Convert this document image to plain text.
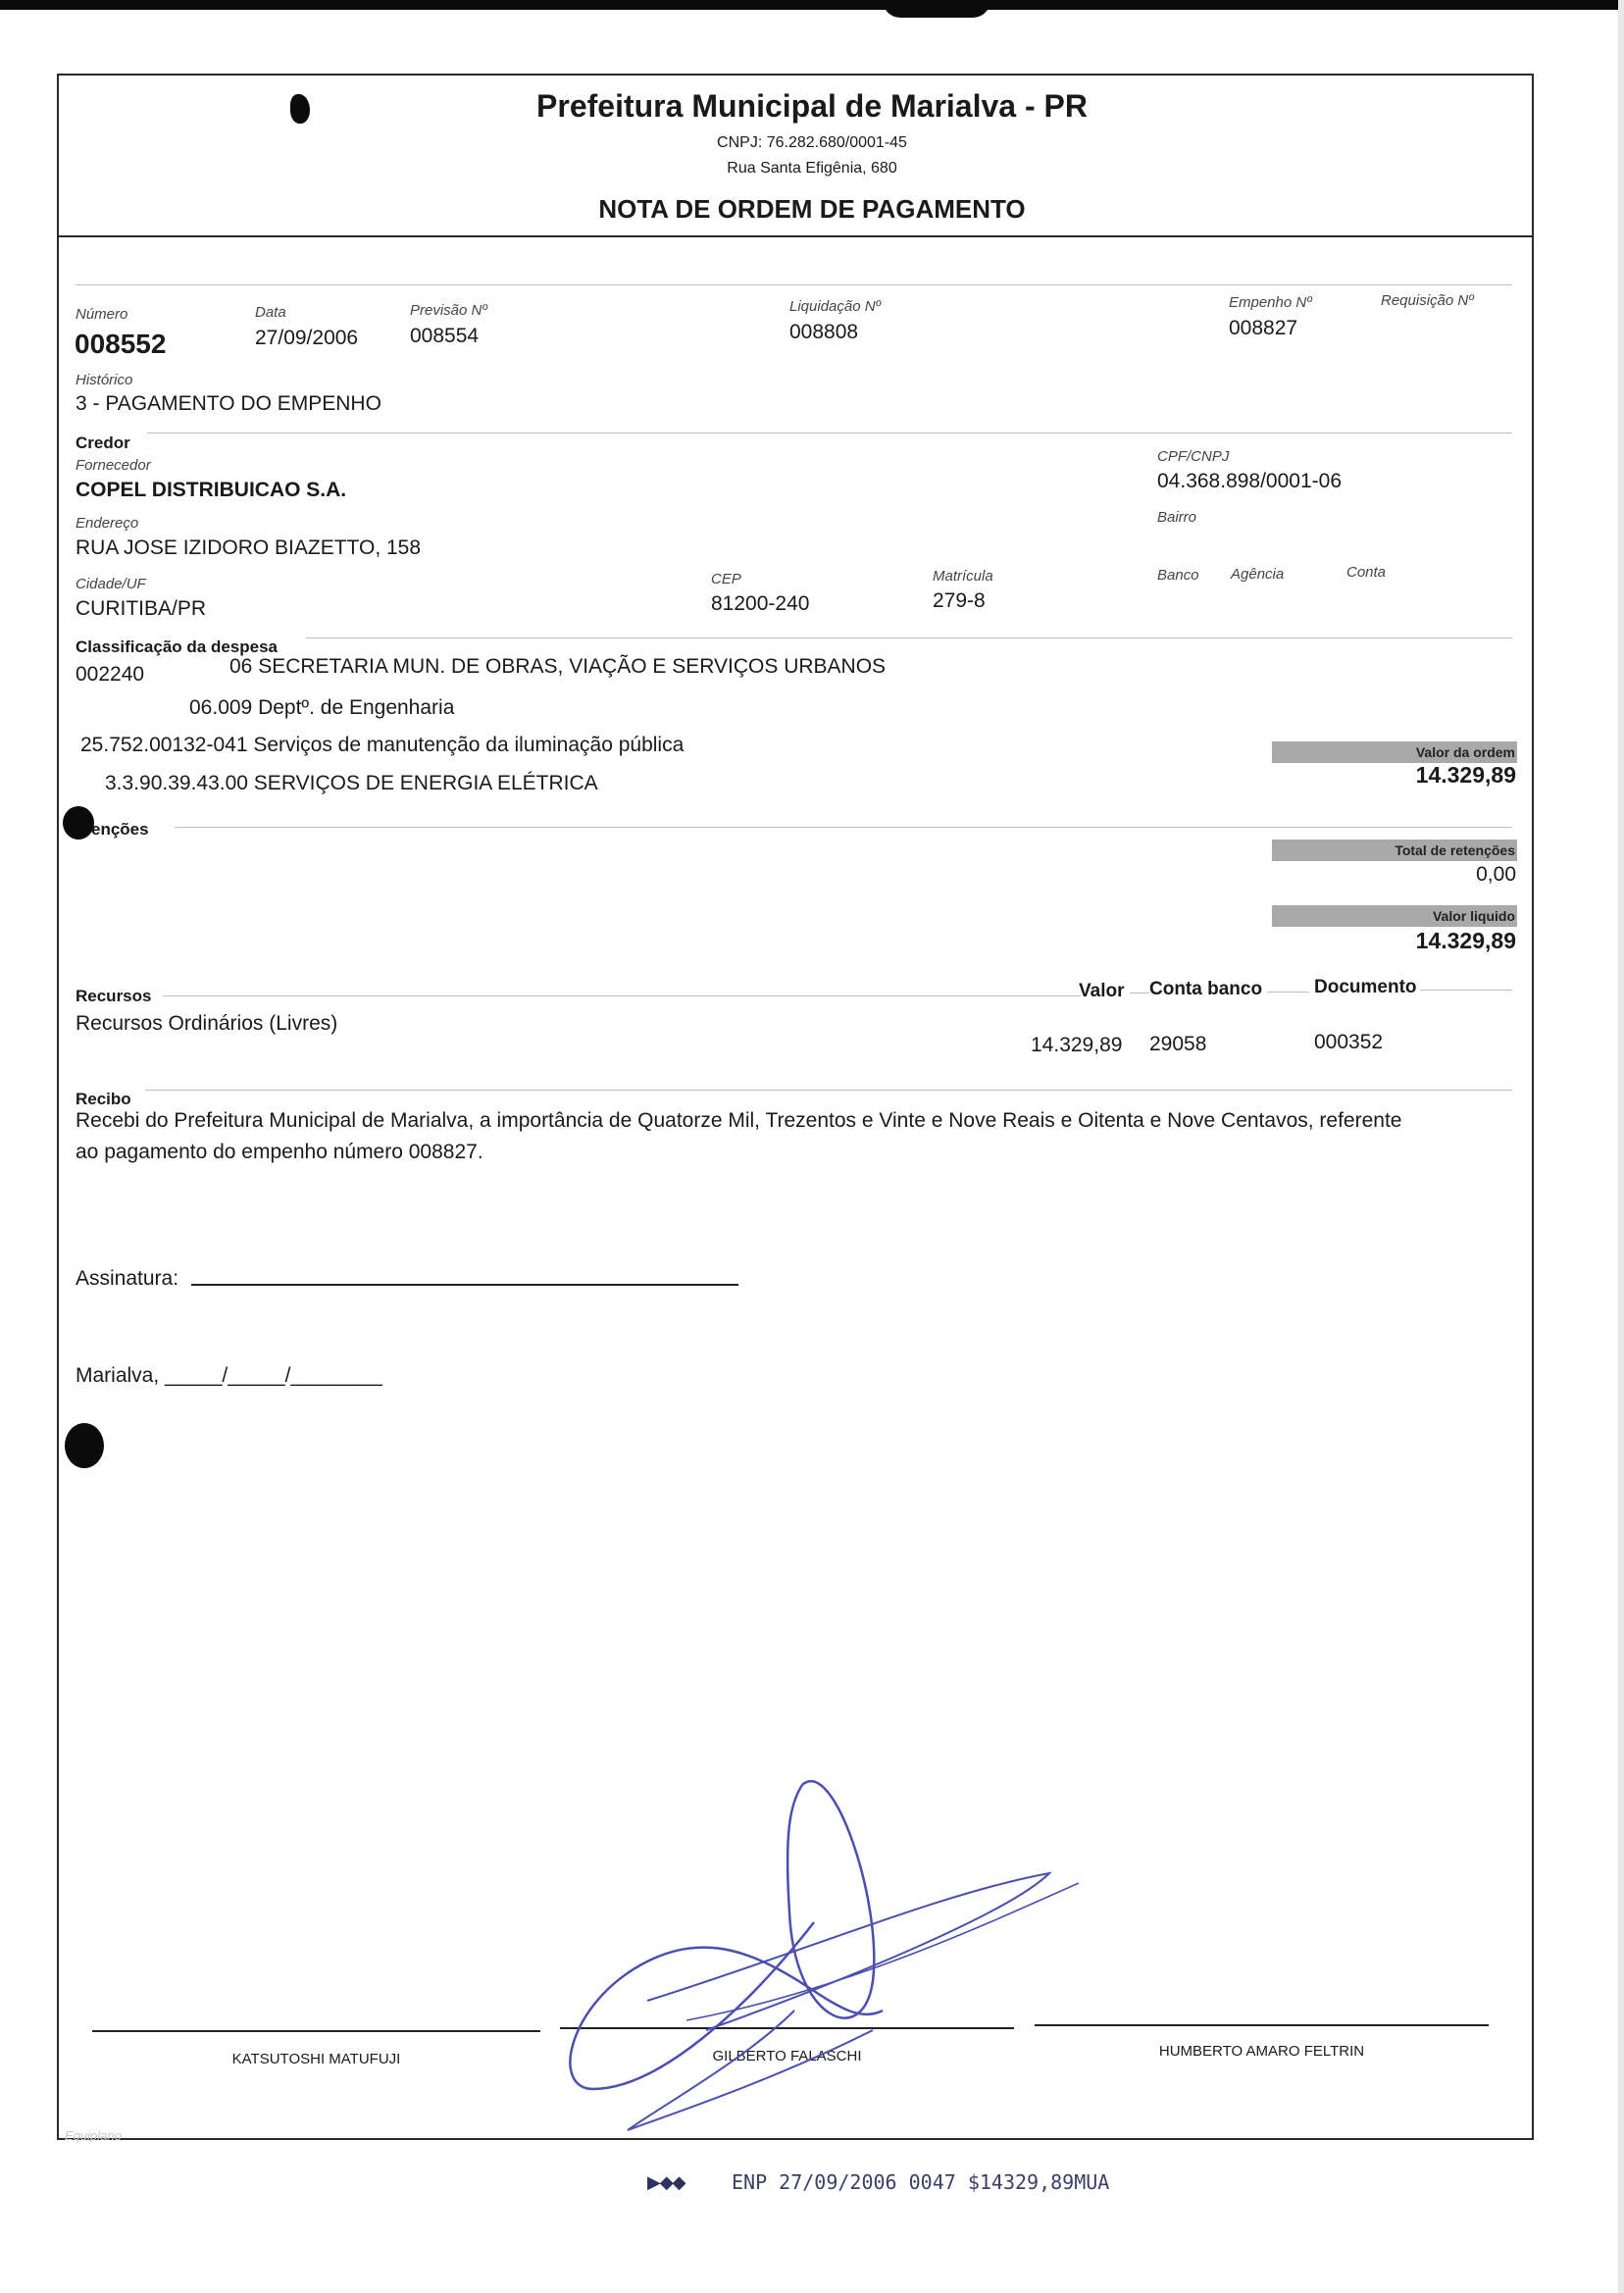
Prefeitura Municipal de Marialva - PR
CNPJ: 76.282.680/0001-45
Rua Santa Efigênia, 680
NOTA DE ORDEM DE PAGAMENTO
Número
008552
Data
27/09/2006
Previsão Nº
008554
Liquidação Nº
008808
Empenho Nº
008827
Requisição Nº
Histórico
3 - PAGAMENTO DO EMPENHO
Credor
Fornecedor
COPEL DISTRIBUICAO S.A.
CPF/CNPJ
04.368.898/0001-06
Bairro
Endereço
RUA JOSE IZIDORO BIAZETTO, 158
Cidade/UF
CURITIBA/PR
CEP
81200-240
Matrícula
279-8
Banco Agência	Conta
Classificação da despesa
002240	06 SECRETARIA MUN. DE OBRAS, VIAÇÃO E SERVIÇOS URBANOS
06.009 Deptº. de Engenharia
25.752.00132-041 Serviços de manutenção da iluminação pública
3.3.90.39.43.00 SERVIÇOS DE ENERGIA ELÉTRICA
Valor da ordem
14.329,89
enções
Total de retenções
0,00
Valor liquido
14.329,89
Recursos	Valor Conta banco	Documento
Recursos Ordinários (Livres)
14.329,89 29058	000352
Recibo
Recebi do Prefeitura Municipal de Marialva, a importância de Quatorze Mil, Trezentos e Vinte e Nove Reais e Oitenta e Nove Centavos, referente
ao pagamento do empenho número 008827.
Assinatura:
Marialva, _____/_____/________
KATSUTOSHI MATUFUJI	GILBERTO FALASCHI	HUMBERTO AMARO FELTRIN
Equiplano
▶◆◆ ENP 27/09/2006 0047 $14329,89MUA
